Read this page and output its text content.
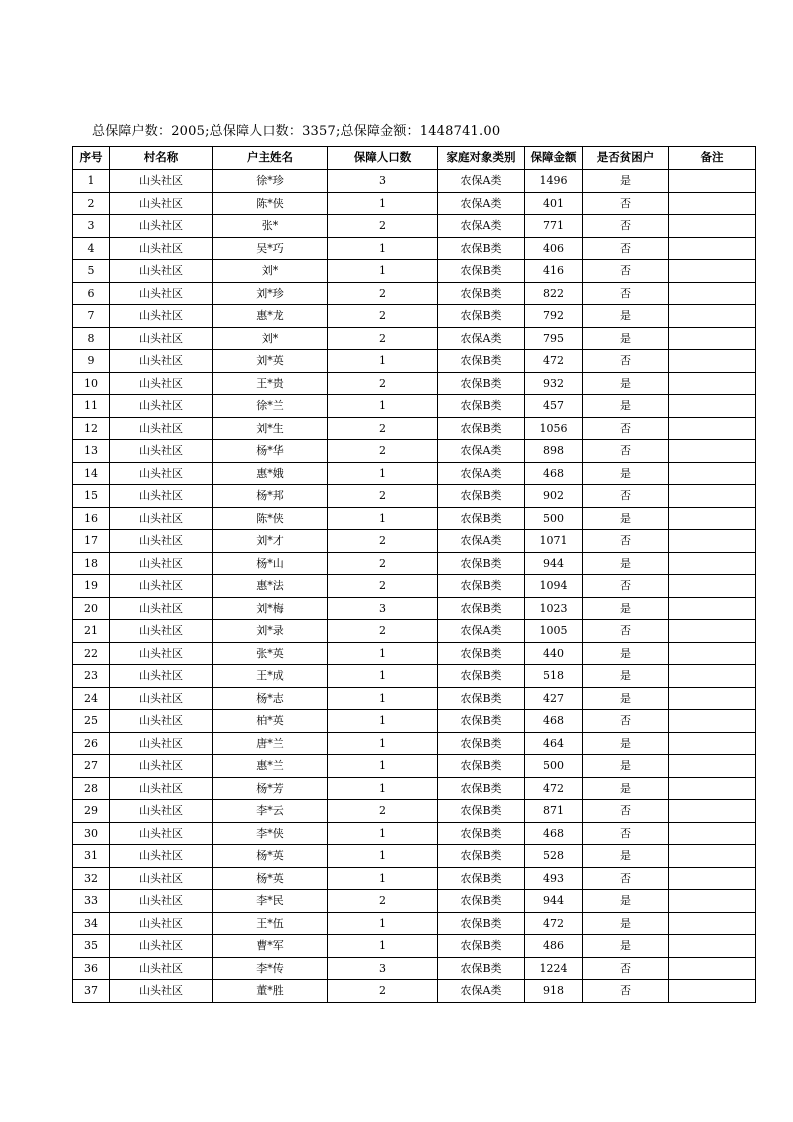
总保障户数：2005;总保障人口数：3357;总保障金额：1448741.00
序号	村名称	户主姓名	保障人口数	家庭对象类别	保障金额	是否贫困户	备注
1	山头社区	徐*珍	3	农保A类	1496	是	
2	山头社区	陈*侠	1	农保A类	401	否	
3	山头社区	张*	2	农保A类	771	否	
4	山头社区	吴*巧	1	农保B类	406	否	
5	山头社区	刘*	1	农保B类	416	否	
6	山头社区	刘*珍	2	农保B类	822	否	
7	山头社区	惠*龙	2	农保B类	792	是	
8	山头社区	刘*	2	农保A类	795	是	
9	山头社区	刘*英	1	农保B类	472	否	
10	山头社区	王*贵	2	农保B类	932	是	
11	山头社区	徐*兰	1	农保B类	457	是	
12	山头社区	刘*生	2	农保B类	1056	否	
13	山头社区	杨*华	2	农保A类	898	否	
14	山头社区	惠*娥	1	农保A类	468	是	
15	山头社区	杨*邦	2	农保B类	902	否	
16	山头社区	陈*侠	1	农保B类	500	是	
17	山头社区	刘*才	2	农保A类	1071	否	
18	山头社区	杨*山	2	农保B类	944	是	
19	山头社区	惠*法	2	农保B类	1094	否	
20	山头社区	刘*梅	3	农保B类	1023	是	
21	山头社区	刘*录	2	农保A类	1005	否	
22	山头社区	张*英	1	农保B类	440	是	
23	山头社区	王*成	1	农保B类	518	是	
24	山头社区	杨*志	1	农保B类	427	是	
25	山头社区	柏*英	1	农保B类	468	否	
26	山头社区	唐*兰	1	农保B类	464	是	
27	山头社区	惠*兰	1	农保B类	500	是	
28	山头社区	杨*芳	1	农保B类	472	是	
29	山头社区	李*云	2	农保B类	871	否	
30	山头社区	李*侠	1	农保B类	468	否	
31	山头社区	杨*英	1	农保B类	528	是	
32	山头社区	杨*英	1	农保B类	493	否	
33	山头社区	李*民	2	农保B类	944	是	
34	山头社区	王*伍	1	农保B类	472	是	
35	山头社区	曹*军	1	农保B类	486	是	
36	山头社区	李*传	3	农保B类	1224	否	
37	山头社区	董*胜	2	农保A类	918	否	
